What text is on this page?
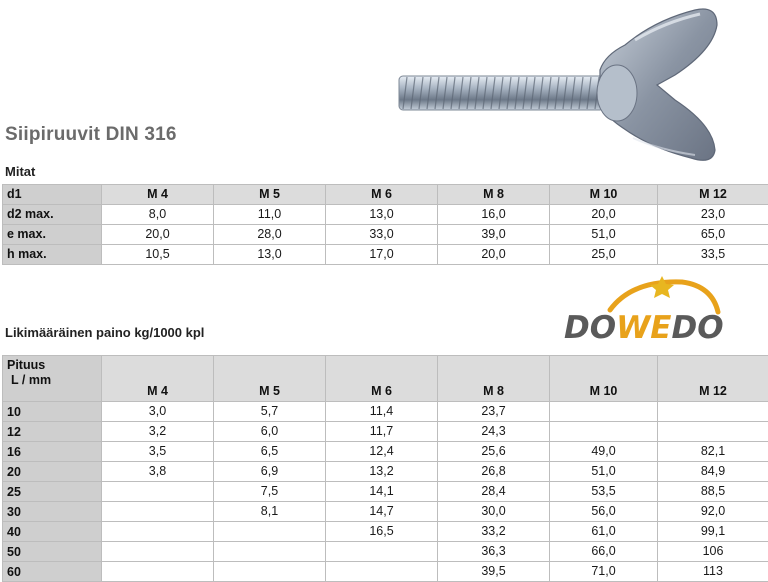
Siipiruuvit DIN 316
Mitat
d1	M 4	M 5	M 6	M 8	M 10	M 12
d2 max.	8,0	11,0	13,0	16,0	20,0	23,0
e max.	20,0	28,0	33,0	39,0	51,0	65,0
h max.	10,5	13,0	17,0	20,0	25,0	33,5
DOWEDO
Likimääräinen paino kg/1000 kpl
Pituus
L / mm	M 4	M 5	M 6	M 8	M 10	M 12
10	3,0	5,7	11,4	23,7		
12	3,2	6,0	11,7	24,3		
16	3,5	6,5	12,4	25,6	49,0	82,1
20	3,8	6,9	13,2	26,8	51,0	84,9
25		7,5	14,1	28,4	53,5	88,5
30		8,1	14,7	30,0	56,0	92,0
40			16,5	33,2	61,0	99,1
50				36,3	66,0	106
60				39,5	71,0	113
